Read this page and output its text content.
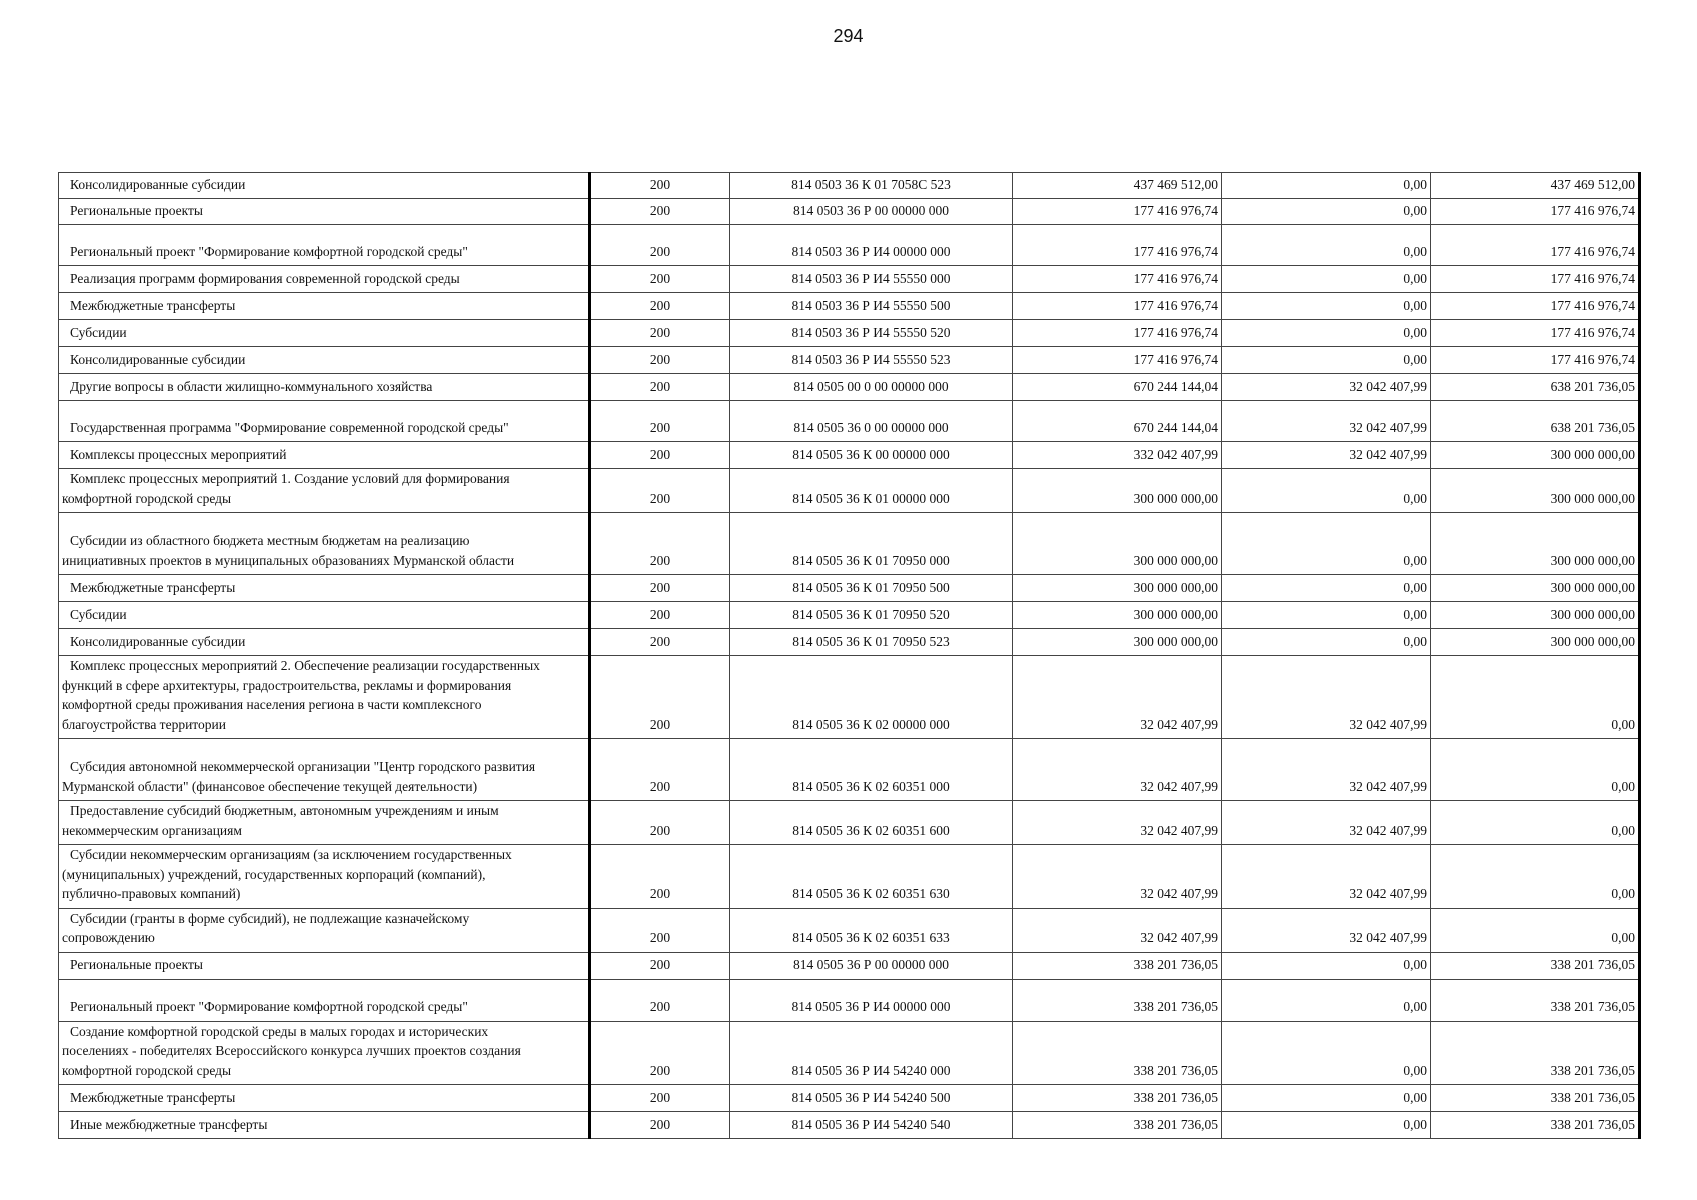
294
Консолидированные субсидии	200	814 0503 36 К 01 7058С 523	437 469 512,00	0,00	437 469 512,00

Региональные проекты	200	814 0503 36 Р 00 00000 000	177 416 976,74	0,00	177 416 976,74

Региональный проект "Формирование комфортной городской среды"	200	814 0503 36 Р И4 00000 000	177 416 976,74	0,00	177 416 976,74

Реализация программ формирования современной городской среды	200	814 0503 36 Р И4 55550 000	177 416 976,74	0,00	177 416 976,74

Межбюджетные трансферты	200	814 0503 36 Р И4 55550 500	177 416 976,74	0,00	177 416 976,74

Субсидии	200	814 0503 36 Р И4 55550 520	177 416 976,74	0,00	177 416 976,74

Консолидированные субсидии	200	814 0503 36 Р И4 55550 523	177 416 976,74	0,00	177 416 976,74

Другие вопросы в области жилищно-коммунального хозяйства	200	814 0505 00 0 00 00000 000	670 244 144,04	32 042 407,99	638 201 736,05

Государственная программа "Формирование современной городской среды"	200	814 0505 36 0 00 00000 000	670 244 144,04	32 042 407,99	638 201 736,05

Комплексы процессных мероприятий	200	814 0505 36 К 00 00000 000	332 042 407,99	32 042 407,99	300 000 000,00

Комплекс процессных мероприятий 1. Создание условий для формирования
комфортной городской среды	200	814 0505 36 К 01 00000 000	300 000 000,00	0,00	300 000 000,00

Субсидии из областного бюджета местным бюджетам на реализацию
инициативных проектов в муниципальных образованиях Мурманской области	200	814 0505 36 К 01 70950 000	300 000 000,00	0,00	300 000 000,00

Межбюджетные трансферты	200	814 0505 36 К 01 70950 500	300 000 000,00	0,00	300 000 000,00

Субсидии	200	814 0505 36 К 01 70950 520	300 000 000,00	0,00	300 000 000,00

Консолидированные субсидии	200	814 0505 36 К 01 70950 523	300 000 000,00	0,00	300 000 000,00

Комплекс процессных мероприятий 2. Обеспечение реализации государственных
функций в сфере архитектуры, градостроительства, рекламы и формирования
комфортной среды проживания населения региона в части комплексного
благоустройства территории	200	814 0505 36 К 02 00000 000	32 042 407,99	32 042 407,99	0,00

Субсидия автономной некоммерческой организации "Центр городского развития
Мурманской области" (финансовое обеспечение текущей деятельности)	200	814 0505 36 К 02 60351 000	32 042 407,99	32 042 407,99	0,00

Предоставление субсидий бюджетным, автономным учреждениям и иным
некоммерческим организациям	200	814 0505 36 К 02 60351 600	32 042 407,99	32 042 407,99	0,00

Субсидии некоммерческим организациям (за исключением государственных
(муниципальных) учреждений, государственных корпораций (компаний),
публично-правовых компаний)	200	814 0505 36 К 02 60351 630	32 042 407,99	32 042 407,99	0,00

Субсидии (гранты в форме субсидий), не подлежащие казначейскому
сопровождению	200	814 0505 36 К 02 60351 633	32 042 407,99	32 042 407,99	0,00

Региональные проекты	200	814 0505 36 Р 00 00000 000	338 201 736,05	0,00	338 201 736,05

Региональный проект "Формирование комфортной городской среды"	200	814 0505 36 Р И4 00000 000	338 201 736,05	0,00	338 201 736,05

Создание комфортной городской среды в малых городах и исторических
поселениях - победителях Всероссийского конкурса лучших проектов создания
комфортной городской среды	200	814 0505 36 Р И4 54240 000	338 201 736,05	0,00	338 201 736,05

Межбюджетные трансферты	200	814 0505 36 Р И4 54240 500	338 201 736,05	0,00	338 201 736,05

Иные межбюджетные трансферты	200	814 0505 36 Р И4 54240 540	338 201 736,05	0,00	338 201 736,05
